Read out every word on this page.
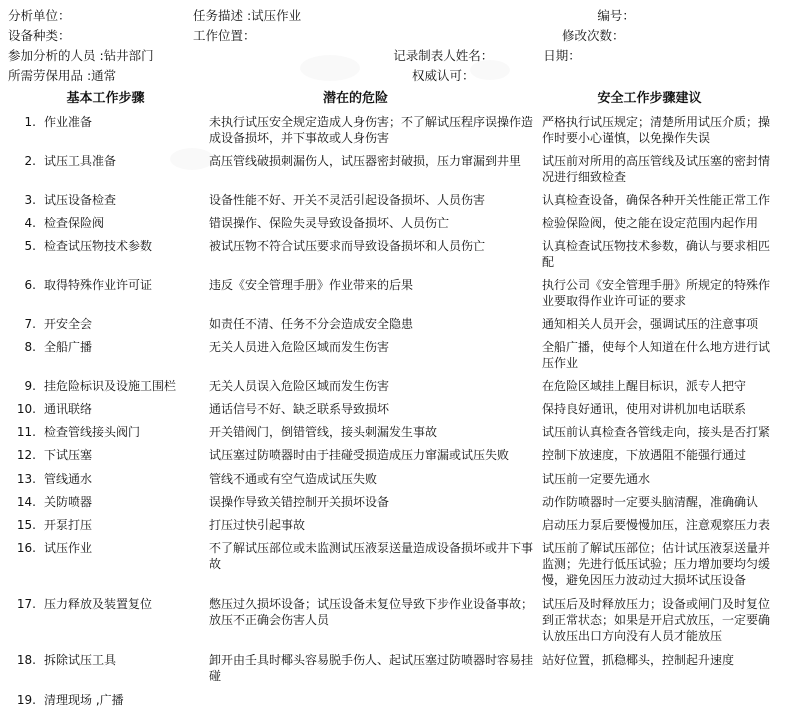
分析单位：	任务描述 :试压作业	编号：
设备种类：	工作位置：	修改次数：
参加分析的人员 :钻井部门	记录制表人姓名：	日期：
所需劳保用品 :通常	权威认可：
基本工作步骤	潜在的危险	安全工作步骤建议
1.	作业准备	未执行试压安全规定造成人身伤害；不了解试压程序误操作造成设备损坏，并下事故或人身伤害	严格执行试压规定；清楚所用试压介质；操作时要小心谨慎，以免操作失误
2.	试压工具准备	高压管线破损刺漏伤人，试压器密封破损，压力窜漏到井里	试压前对所用的高压管线及试压塞的密封情况进行细致检查
3.	试压设备检查	设备性能不好、开关不灵活引起设备损坏、人员伤害	认真检查设备，确保各种开关性能正常工作
4.	检查保险阀	错误操作、保险失灵导致设备损坏、人员伤亡	检验保险阀，使之能在设定范围内起作用
5.	检查试压物技术参数	被试压物不符合试压要求而导致设备损坏和人员伤亡	认真检查试压物技术参数，确认与要求相匹配
6.	取得特殊作业许可证	违反《安全管理手册》作业带来的后果	执行公司《安全管理手册》所规定的特殊作业要取得作业许可证的要求
7.	开安全会	如责任不清、任务不分会造成安全隐患	通知相关人员开会，强调试压的注意事项
8.	全船广播	无关人员进入危险区域而发生伤害	全船广播，使每个人知道在什么地方进行试压作业
9.	挂危险标识及设施工围栏	无关人员误入危险区域而发生伤害	在危险区域挂上醒目标识，派专人把守
10.	通讯联络	通话信号不好、缺乏联系导致损坏	保持良好通讯，使用对讲机加电话联系
11.	检查管线接头阀门	开关错阀门，倒错管线，接头刺漏发生事故	试压前认真检查各管线走向，接头是否打紧
12.	下试压塞	试压塞过防喷器时由于挂碰受损造成压力窜漏或试压失败	控制下放速度，下放遇阻不能强行通过
13.	管线通水	管线不通或有空气造成试压失败	试压前一定要先通水
14.	关防喷器	误操作导致关错控制开关损坏设备	动作防喷器时一定要头脑清醒，准确确认
15.	开泵打压	打压过快引起事故	启动压力泵后要慢慢加压，注意观察压力表
16.	试压作业	不了解试压部位或未监测试压液泵送量造成设备损坏或井下事故	试压前了解试压部位；估计试压液泵送量并监测；先进行低压试验；压力增加要均匀缓慢，避免因压力波动过大损坏试压设备
17.	压力释放及装置复位	憋压过久损坏设备；试压设备未复位导致下步作业设备事故；放压不正确会伤害人员	试压后及时释放压力；设备或闸门及时复位到正常状态；如果是开启式放压，一定要确认放压出口方向没有人员才能放压
18.	拆除试压工具	卸开由壬具时椰头容易脱手伤人、起试压塞过防喷器时容易挂碰	站好位置，抓稳椰头，控制起升速度
19.	清理现场 ,广播		
